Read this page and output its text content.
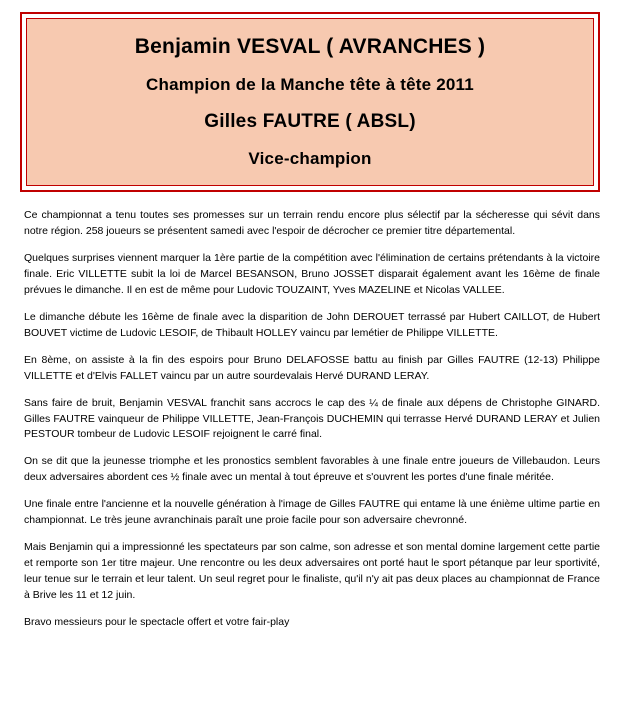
Benjamin VESVAL ( AVRANCHES )
Champion de la Manche tête à tête 2011
Gilles FAUTRE ( ABSL)
Vice-champion

Ce championnat a tenu toutes ses promesses sur un terrain rendu encore plus sélectif par la sécheresse qui sévit dans notre région. 258 joueurs se présentent samedi avec l'espoir de décrocher ce premier titre départemental.

Quelques surprises viennent marquer la 1ère partie de la compétition avec l'élimination de certains prétendants à la victoire finale. Eric VILLETTE subit la loi de Marcel BESANSON, Bruno JOSSET disparait également avant les 16ème de finale prévues le dimanche. Il en est de même pour Ludovic TOUZAINT, Yves MAZELINE et Nicolas VALLEE.

Le dimanche débute les 16ème de finale avec la disparition de John DEROUET terrassé par Hubert CAILLOT, de Hubert BOUVET victime de Ludovic LESOIF, de Thibault HOLLEY vaincu par lemétier de Philippe VILLETTE.

En 8ème, on assiste à la fin des espoirs pour Bruno DELAFOSSE battu au finish par Gilles FAUTRE (12-13) Philippe VILLETTE et d'Elvis FALLET vaincu par un autre sourdevalais Hervé DURAND LERAY.

Sans faire de bruit, Benjamin VESVAL franchit sans accrocs le cap des ¼ de finale aux dépens de Christophe GINARD. Gilles FAUTRE vainqueur de Philippe VILLETTE, Jean-François DUCHEMIN qui terrasse Hervé DURAND LERAY et Julien PESTOUR tombeur de Ludovic LESOIF rejoignent le carré final.

On se dit que la jeunesse triomphe et les pronostics semblent favorables à une finale entre joueurs de Villebaudon. Leurs deux adversaires abordent ces ½ finale avec un mental à tout épreuve et s'ouvrent les portes d'une finale méritée.

Une finale entre l'ancienne et la nouvelle génération à l'image de Gilles FAUTRE qui entame là une énième ultime partie en championnat. Le très jeune avranchinais paraît une proie facile pour son adversaire chevronné.

Mais Benjamin qui a impressionné les spectateurs par son calme, son adresse et son mental domine largement cette partie et remporte son 1er titre majeur. Une rencontre ou les deux adversaires ont porté haut le sport pétanque par leur sportivité, leur tenue sur le terrain et leur talent. Un seul regret pour le finaliste, qu'il n'y ait pas deux places au championnat de France à Brive les 11 et 12 juin.

Bravo messieurs pour le spectacle offert et votre fair-play
